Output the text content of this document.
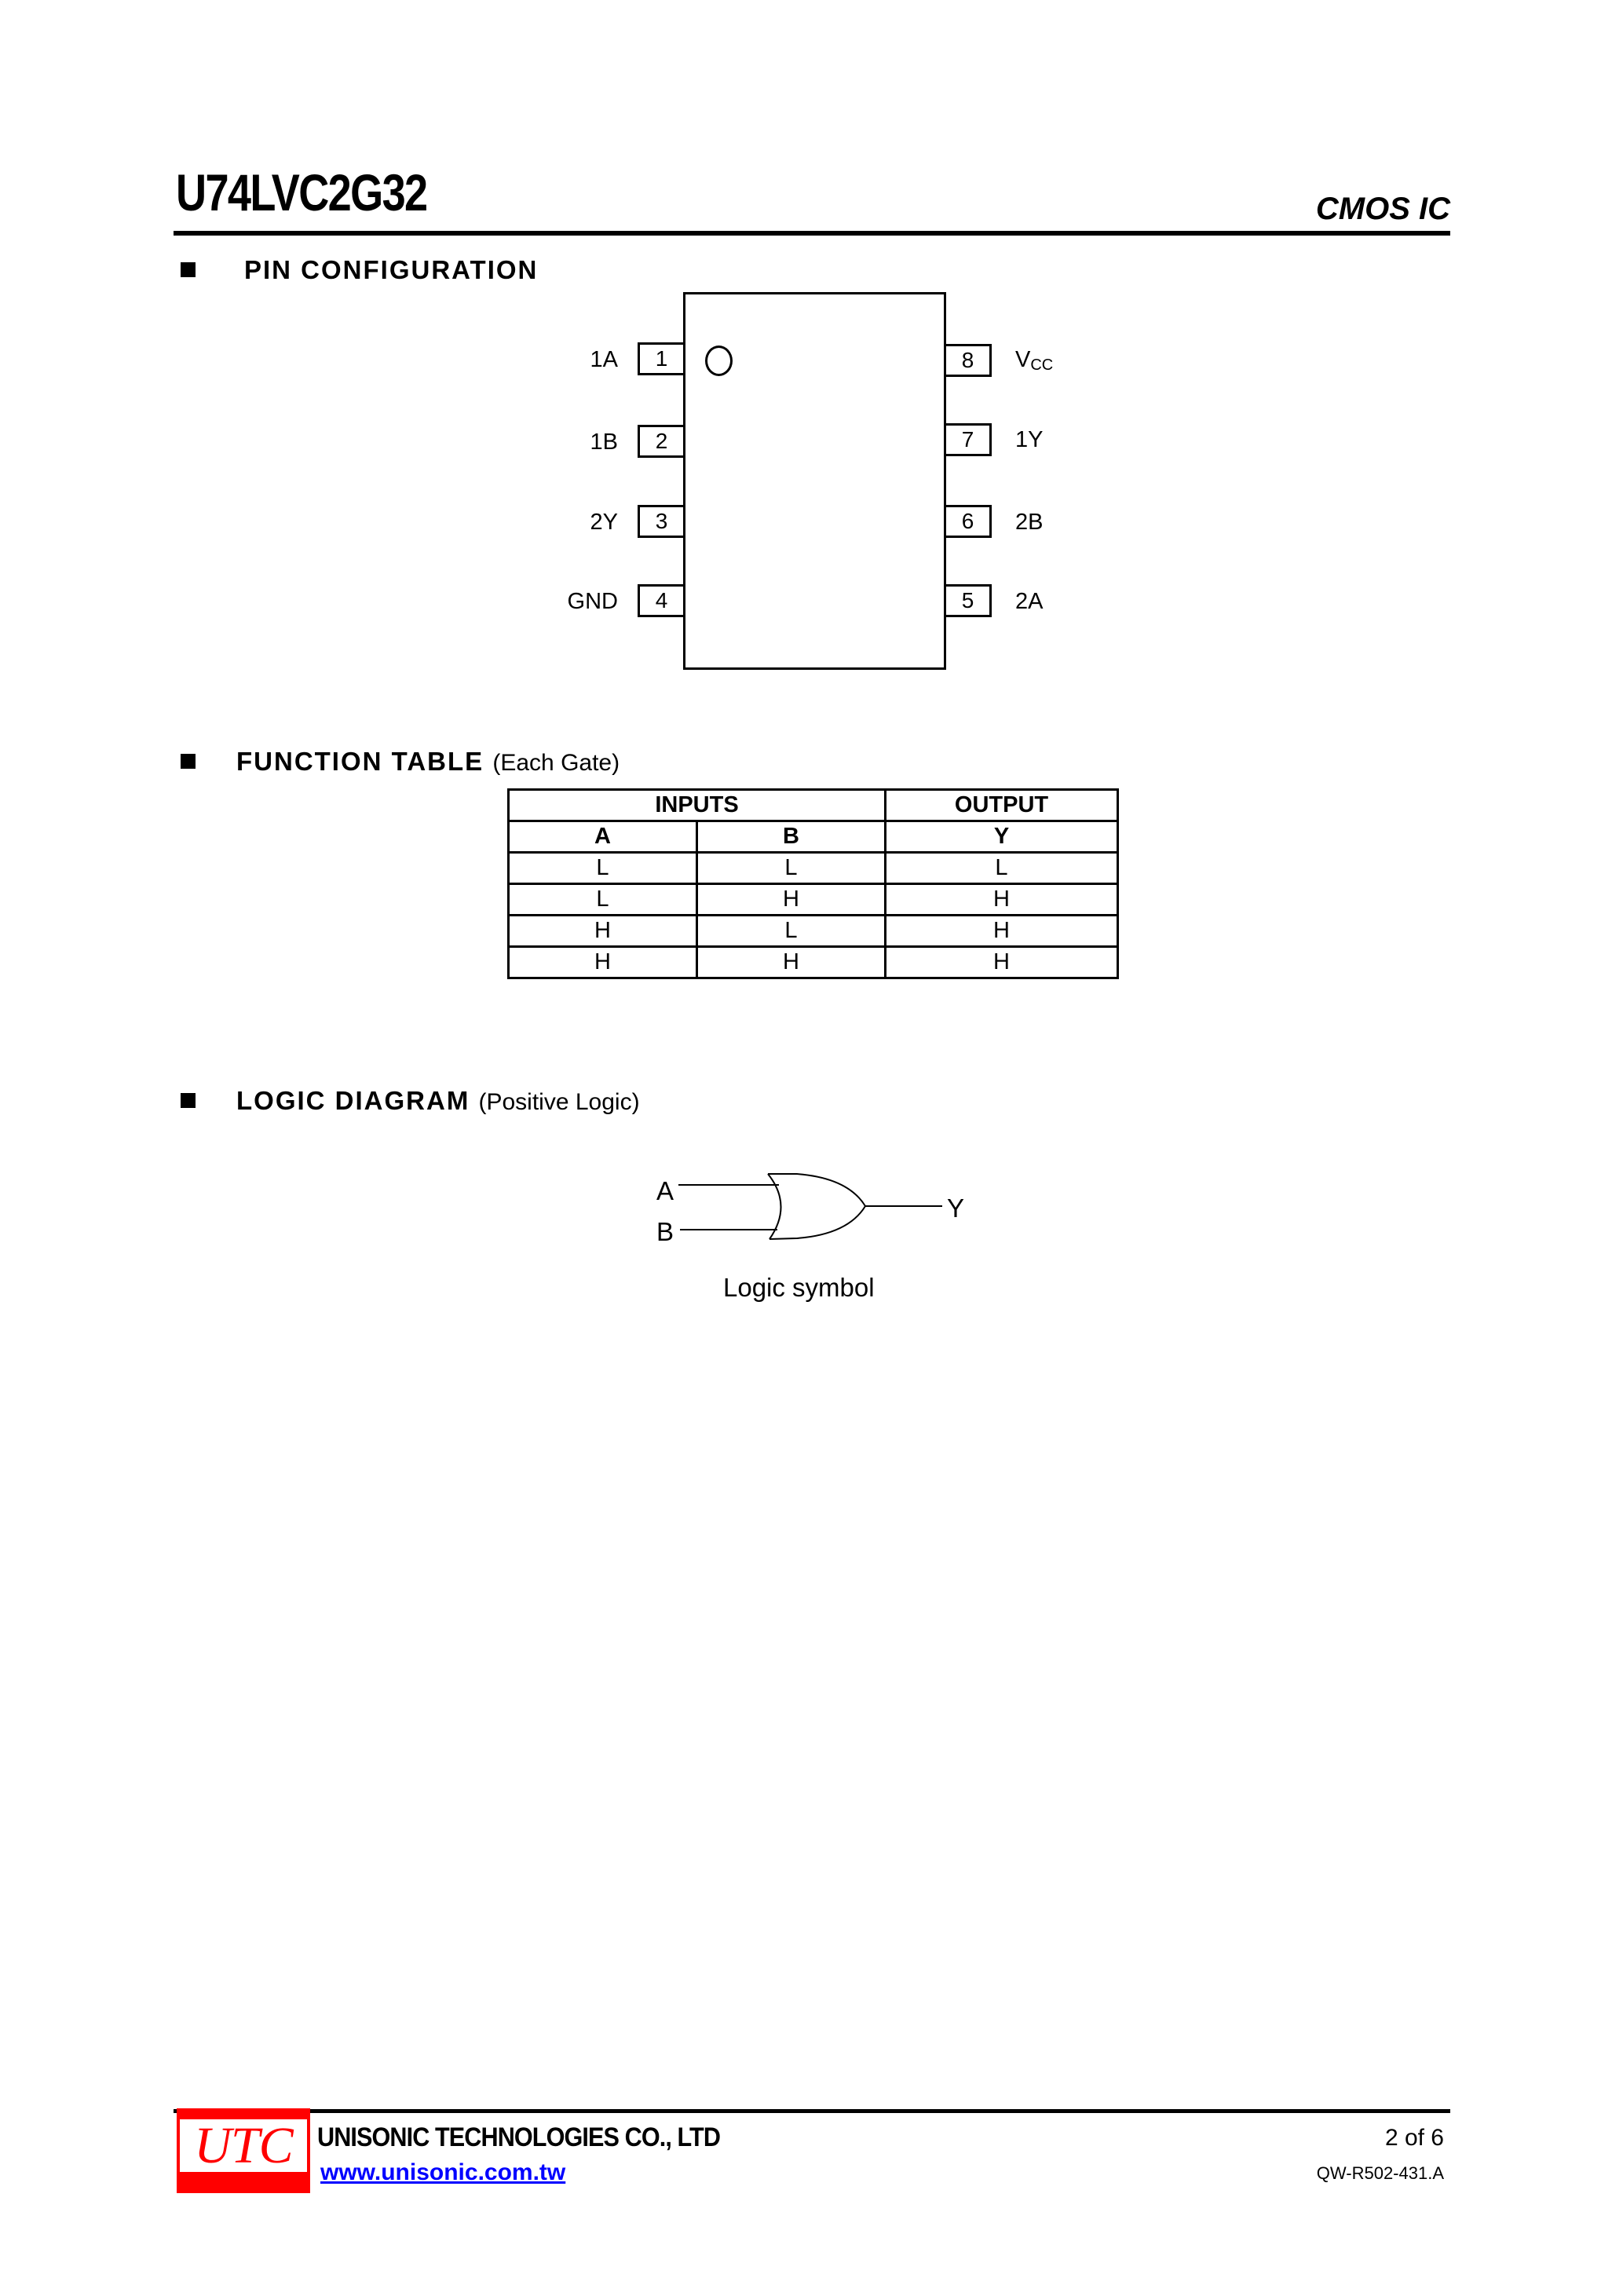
U74LVC2G32	CMOS IC
PIN CONFIGURATION
1
1A
2
1B
3
2Y
4
GND
8 $V_{CC}$
7 1Y
6 2B
5 2A
FUNCTION TABLE (Each Gate)
INPUTS		OUTPUT
A	B	Y
L	L	L
L	H	H
H	L	H
H	H	H
LOGIC DIAGRAM (Positive Logic)
A
B
Y
Logic symbol
UTC UNISONIC TECHNOLOGIES CO., LTD
www.unisonic.com.tw
2 of 6
QW-R502-431.A
